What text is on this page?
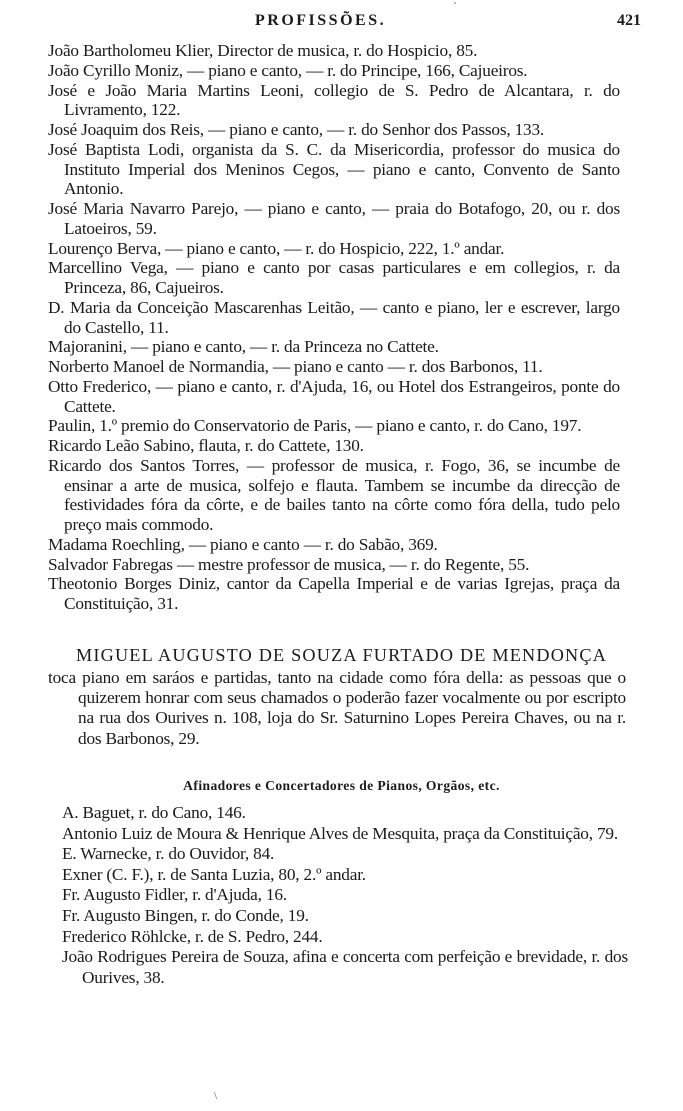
PROFISSÕES.	421

João Bartholomeu Klier, Director de musica, r. do Hospicio, 85.

João Cyrillo Moniz, — piano e canto, — r. do Principe, 166, Cajueiros.

José e João Maria Martins Leoni, collegio de S. Pedro de Alcantara, r. do Livramento, 122.

José Joaquim dos Reis, — piano e canto, — r. do Senhor dos Passos, 133.

José Baptista Lodi, organista da S. C. da Misericordia, professor do musica do Instituto Imperial dos Meninos Cegos, — piano e canto, Convento de Santo Antonio.

José Maria Navarro Parejo, — piano e canto, — praia do Botafogo, 20, ou r. dos Latoeiros, 59.

Lourenço Berva, — piano e canto, — r. do Hospicio, 222, 1.º andar.

Marcellino Vega, — piano e canto por casas particulares e em collegios, r. da Princeza, 86, Cajueiros.

D. Maria da Conceição Mascarenhas Leitão, — canto e piano, ler e escrever, largo do Castello, 11.

Majoranini, — piano e canto, — r. da Princeza no Cattete.

Norberto Manoel de Normandia, — piano e canto — r. dos Barbonos, 11.

Otto Frederico, — piano e canto, r. d'Ajuda, 16, ou Hotel dos Estrangeiros, ponte do Cattete.

Paulin, 1.º premio do Conservatorio de Paris, — piano e canto, r. do Cano, 197.

Ricardo Leão Sabino, flauta, r. do Cattete, 130.

Ricardo dos Santos Torres, — professor de musica, r. Fogo, 36, se incumbe de ensinar a arte de musica, solfejo e flauta. Tambem se incumbe da direcção de festividades fóra da côrte, e de bailes tanto na côrte como fóra della, tudo pelo preço mais commodo.

Madama Roechling, — piano e canto — r. do Sabão, 369.

Salvador Fabregas — mestre professor de musica, — r. do Regente, 55.

Theotonio Borges Diniz, cantor da Capella Imperial e de varias Igrejas, praça da Constituição, 31.

MIGUEL AUGUSTO DE SOUZA FURTADO DE MENDONÇA

toca piano em saráos e partidas, tanto na cidade como fóra della: as pessoas que o quizerem honrar com seus chamados o poderão fazer vocalmente ou por escripto na rua dos Ourives n. 108, loja do Sr. Saturnino Lopes Pereira Chaves, ou na r. dos Barbonos, 29.

Afinadores e Concertadores de Pianos, Orgãos, etc.

A. Baguet, r. do Cano, 146.

Antonio Luiz de Moura & Henrique Alves de Mesquita, praça da Constituição, 79.

E. Warnecke, r. do Ouvidor, 84.

Exner (C. F.), r. de Santa Luzia, 80, 2.º andar.

Fr. Augusto Fidler, r. d'Ajuda, 16.

Fr. Augusto Bingen, r. do Conde, 19.

Frederico Röhlcke, r. de S. Pedro, 244.

João Rodrigues Pereira de Souza, afina e concerta com perfeição e brevidade, r. dos Ourives, 38.

'
\
